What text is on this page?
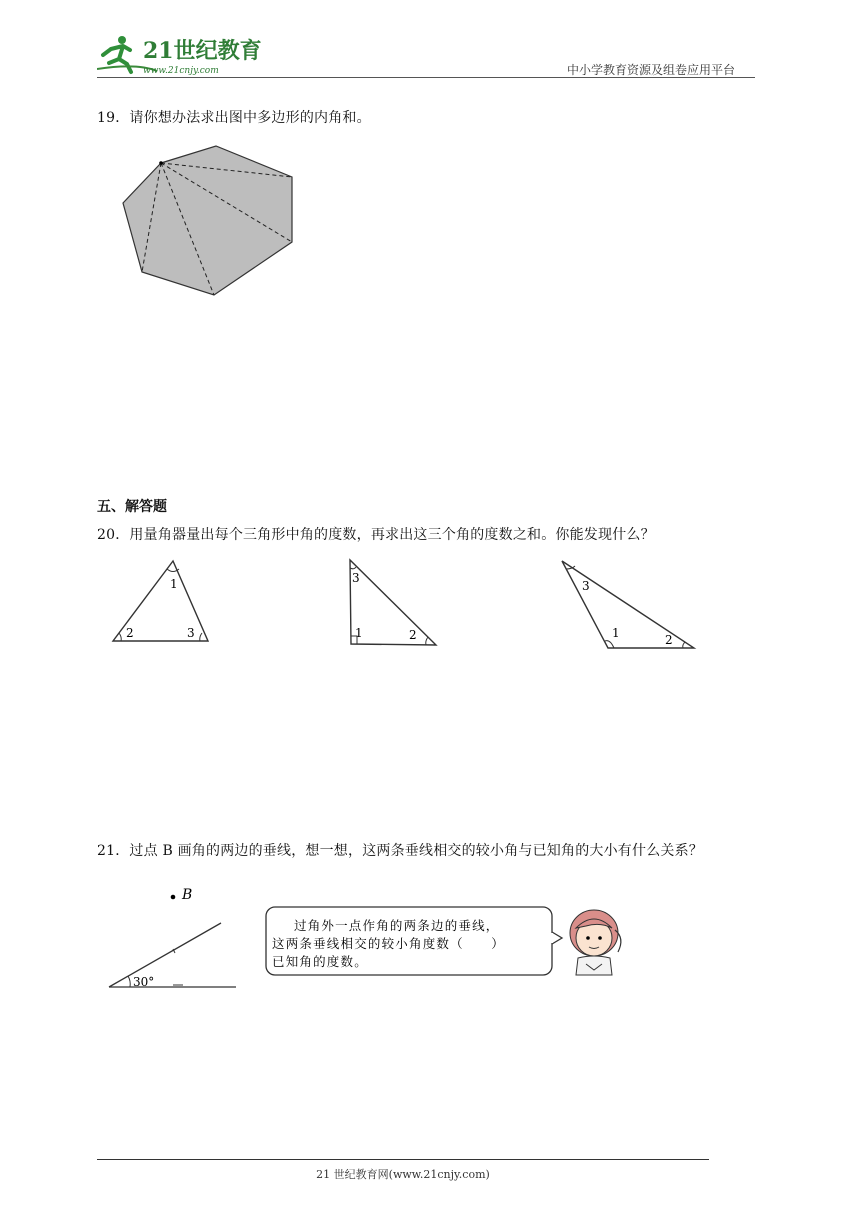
21世纪教育
www.21cnjy.com	中小学教育资源及组卷应用平台
19．请你想办法求出图中多边形的内角和。
五、解答题
20．用量角器量出每个三角形中角的度数，再求出这三个角的度数之和。你能发现什么？
1
2	3
3
1	2
3
1	2
21．过点 B 画角的两边的垂线，想一想，这两条垂线相交的较小角与已知角的大小有什么关系？
B
30°
过角外一点作角的两条边的垂线，
这两条垂线相交的较小角度数（　　）
已知角的度数。
21 世纪教育网(www.21cnjy.com)
